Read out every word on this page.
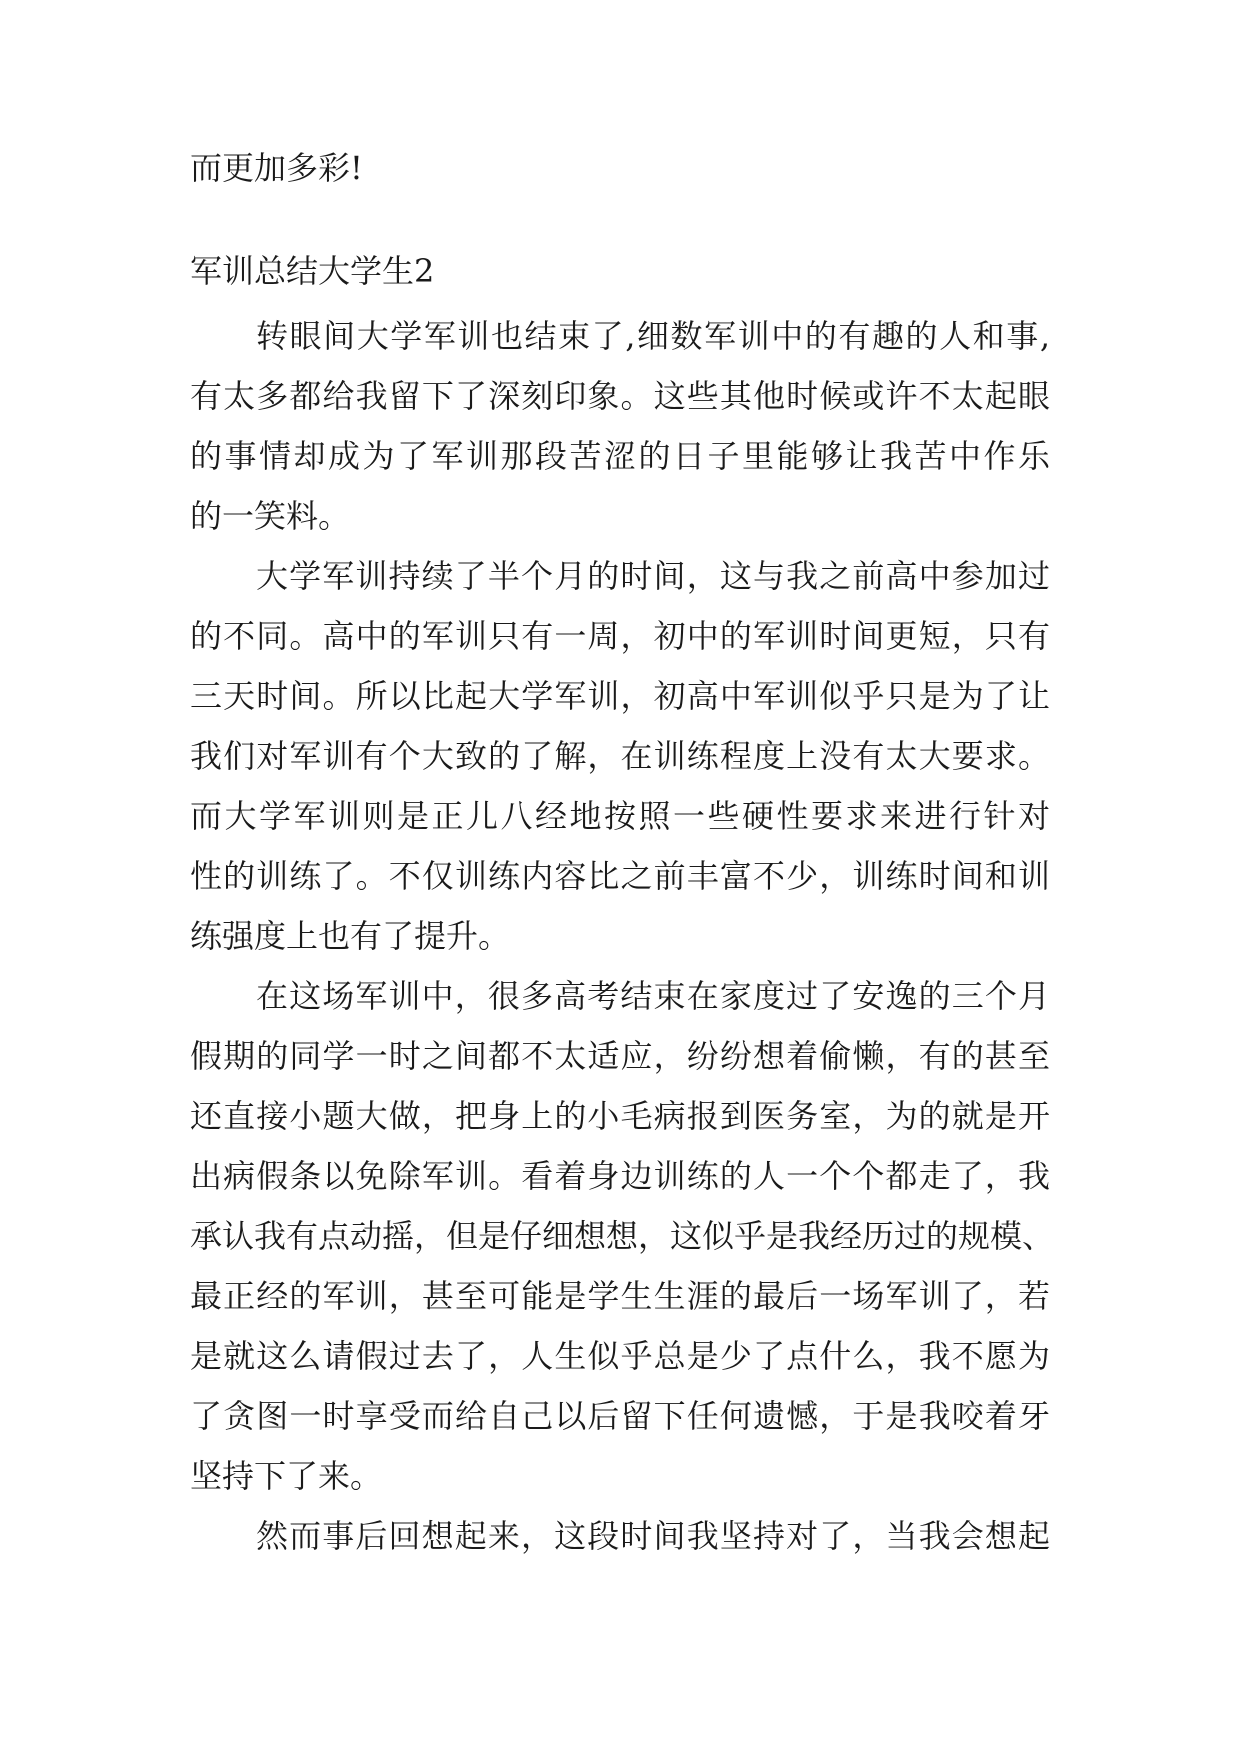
而更加多彩!
军训总结大学生2
转眼间大学军训也结束了,细数军训中的有趣的人和事,
有太多都给我留下了深刻印象。这些其他时候或许不太起眼
的事情却成为了军训那段苦涩的日子里能够让我苦中作乐
的一笑料。
大学军训持续了半个月的时间，这与我之前高中参加过
的不同。高中的军训只有一周，初中的军训时间更短，只有
三天时间。所以比起大学军训，初高中军训似乎只是为了让
我们对军训有个大致的了解，在训练程度上没有太大要求。
而大学军训则是正儿八经地按照一些硬性要求来进行针对
性的训练了。不仅训练内容比之前丰富不少，训练时间和训
练强度上也有了提升。
在这场军训中，很多高考结束在家度过了安逸的三个月
假期的同学一时之间都不太适应，纷纷想着偷懒，有的甚至
还直接小题大做，把身上的小毛病报到医务室，为的就是开
出病假条以免除军训。看着身边训练的人一个个都走了，我
承认我有点动摇，但是仔细想想，这似乎是我经历过的规模、
最正经的军训，甚至可能是学生生涯的最后一场军训了，若
是就这么请假过去了，人生似乎总是少了点什么，我不愿为
了贪图一时享受而给自己以后留下任何遗憾，于是我咬着牙
坚持下了来。
然而事后回想起来，这段时间我坚持对了，当我会想起
